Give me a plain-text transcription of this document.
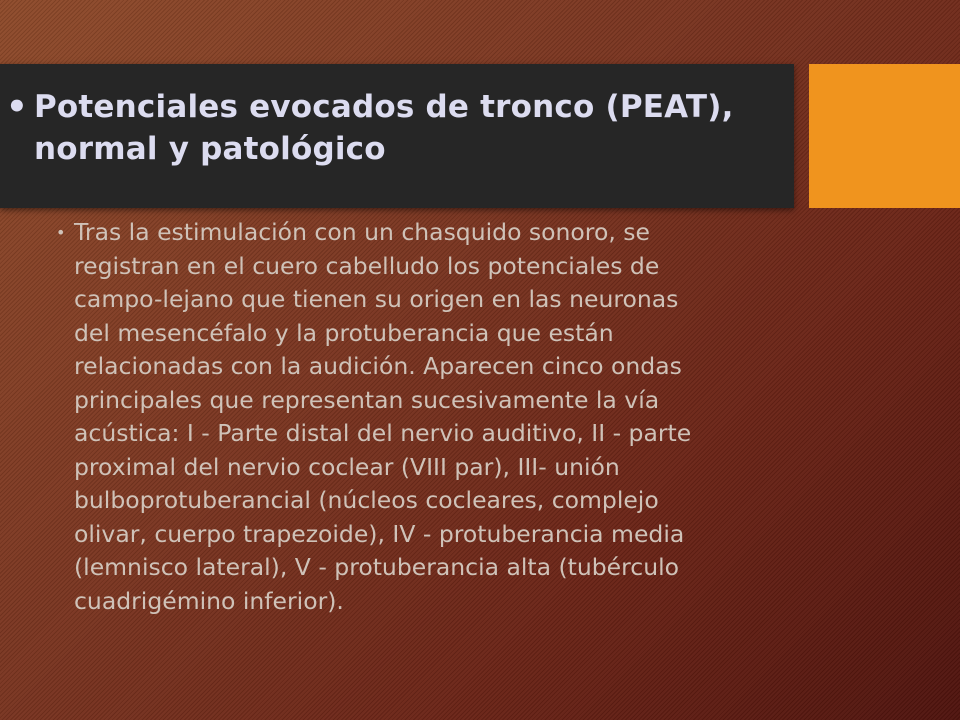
• Potenciales evocados de tronco (PEAT),
normal y patológico
• Tras la estimulación con un chasquido sonoro, se
registran en el cuero cabelludo los potenciales de
campo-lejano que tienen su origen en las neuronas
del mesencéfalo y la protuberancia que están
relacionadas con la audición. Aparecen cinco ondas
principales que representan sucesivamente la vía
acústica: I - Parte distal del nervio auditivo, II - parte
proximal del nervio coclear (VIII par), III- unión
bulboprotuberancial (núcleos cocleares, complejo
olivar, cuerpo trapezoide), IV - protuberancia media
(lemnisco lateral), V - protuberancia alta (tubérculo
cuadrigémino inferior).
